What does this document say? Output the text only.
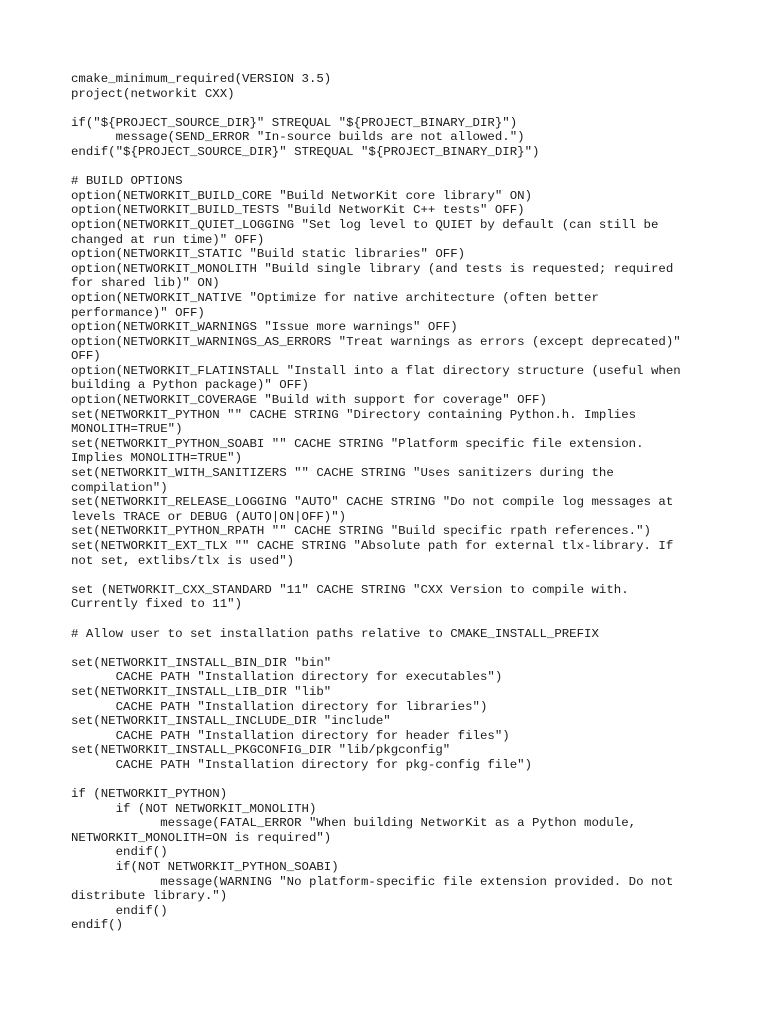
cmake_minimum_required(VERSION 3.5)
project(networkit CXX)
if("${PROJECT_SOURCE_DIR}" STREQUAL "${PROJECT_BINARY_DIR}")
message(SEND_ERROR "In-source builds are not allowed.")
endif("${PROJECT_SOURCE_DIR}" STREQUAL "${PROJECT_BINARY_DIR}")
# BUILD OPTIONS
option(NETWORKIT_BUILD_CORE "Build NetworKit core library" ON)
option(NETWORKIT_BUILD_TESTS "Build NetworKit C++ tests" OFF)
option(NETWORKIT_QUIET_LOGGING "Set log level to QUIET by default (can still be
changed at run time)" OFF)
option(NETWORKIT_STATIC "Build static libraries" OFF)
option(NETWORKIT_MONOLITH "Build single library (and tests is requested; required
for shared lib)" ON)
option(NETWORKIT_NATIVE "Optimize for native architecture (often better
performance)" OFF)
option(NETWORKIT_WARNINGS "Issue more warnings" OFF)
option(NETWORKIT_WARNINGS_AS_ERRORS "Treat warnings as errors (except deprecated)"
OFF)
option(NETWORKIT_FLATINSTALL "Install into a flat directory structure (useful when
building a Python package)" OFF)
option(NETWORKIT_COVERAGE "Build with support for coverage" OFF)
set(NETWORKIT_PYTHON "" CACHE STRING "Directory containing Python.h. Implies
MONOLITH=TRUE")
set(NETWORKIT_PYTHON_SOABI "" CACHE STRING "Platform specific file extension.
Implies MONOLITH=TRUE")
set(NETWORKIT_WITH_SANITIZERS "" CACHE STRING "Uses sanitizers during the
compilation")
set(NETWORKIT_RELEASE_LOGGING "AUTO" CACHE STRING "Do not compile log messages at
levels TRACE or DEBUG (AUTO|ON|OFF)")
set(NETWORKIT_PYTHON_RPATH "" CACHE STRING "Build specific rpath references.")
set(NETWORKIT_EXT_TLX "" CACHE STRING "Absolute path for external tlx-library. If
not set, extlibs/tlx is used")
set (NETWORKIT_CXX_STANDARD "11" CACHE STRING "CXX Version to compile with.
Currently fixed to 11")
# Allow user to set installation paths relative to CMAKE_INSTALL_PREFIX
set(NETWORKIT_INSTALL_BIN_DIR "bin"
CACHE PATH "Installation directory for executables")
set(NETWORKIT_INSTALL_LIB_DIR "lib"
CACHE PATH "Installation directory for libraries")
set(NETWORKIT_INSTALL_INCLUDE_DIR "include"
CACHE PATH "Installation directory for header files")
set(NETWORKIT_INSTALL_PKGCONFIG_DIR "lib/pkgconfig"
CACHE PATH "Installation directory for pkg-config file")
if (NETWORKIT_PYTHON)
if (NOT NETWORKIT_MONOLITH)
message(FATAL_ERROR "When building NetworKit as a Python module,
NETWORKIT_MONOLITH=ON is required")
endif()
if(NOT NETWORKIT_PYTHON_SOABI)
message(WARNING "No platform-specific file extension provided. Do not
distribute library.")
endif()
endif()
